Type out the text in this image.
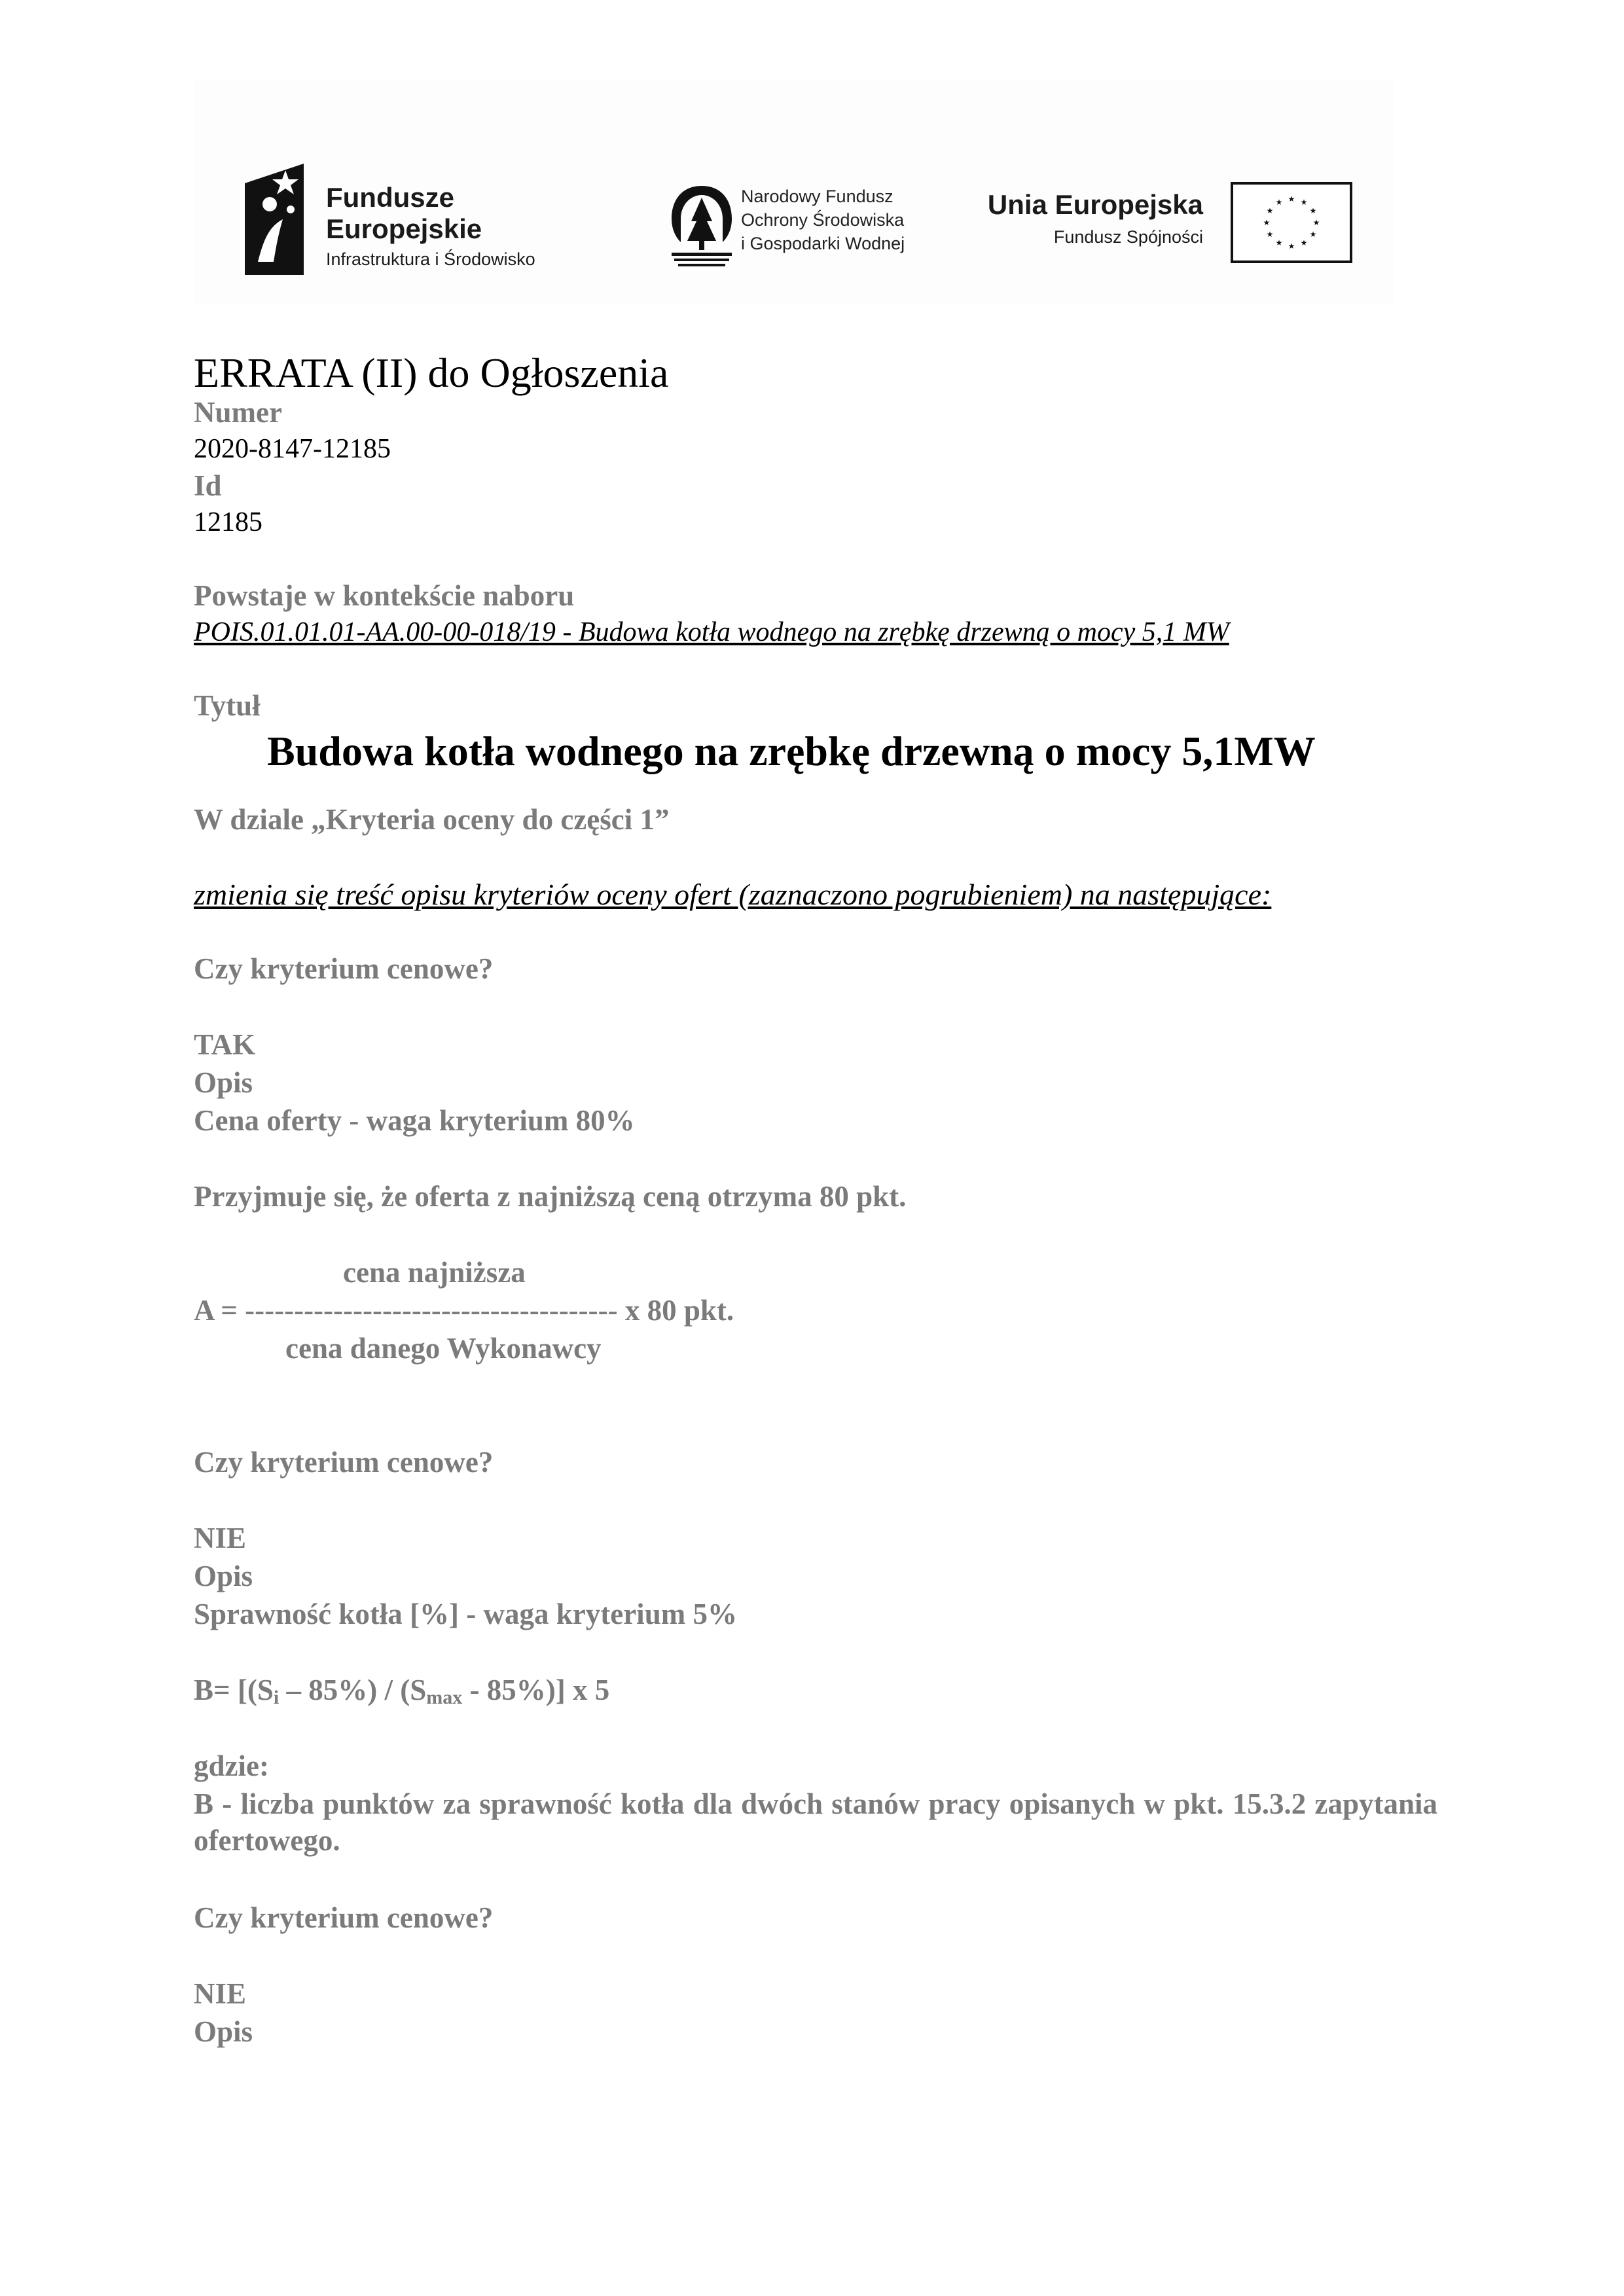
Fundusze
Europejskie
Infrastruktura i Środowisko
Narodowy Fundusz
Ochrony Środowiska
i Gospodarki Wodnej
Unia Europejska
Fundusz Spójności
★ ★
★
★
★
★
★
★
★
★
★
★
ERRATA (II) do Ogłoszenia
Numer
2020-8147-12185
Id
12185
Powstaje w kontekście naboru
POIS.01.01.01-AA.00-00-018/19 - Budowa kotła wodnego na zrębkę drzewną o mocy 5,1 MW
Tytuł
Budowa kotła wodnego na zrębkę drzewną o mocy 5,1MW
W dziale „Kryteria oceny do części 1”
zmienia się treść opisu kryteriów oceny ofert (zaznaczono pogrubieniem) na następujące:
Czy kryterium cenowe?
TAK
Opis
Cena oferty - waga kryterium 80%
Przyjmuje się, że oferta z najniższą ceną otrzyma 80 pkt.
cena najniższa
A = -------------------------------------- x 80 pkt.
cena danego Wykonawcy
Czy kryterium cenowe?
NIE
Opis
Sprawność kotła [%] - waga kryterium 5%
$B= [(S_i - 85\%) / (S_{max} - 85\%)]$ x 5
gdzie:
B - liczba punktów za sprawność kotła dla dwóch stanów pracy opisanych w pkt. 15.3.2 zapytania ofertowego.
Czy kryterium cenowe?
NIE
Opis
